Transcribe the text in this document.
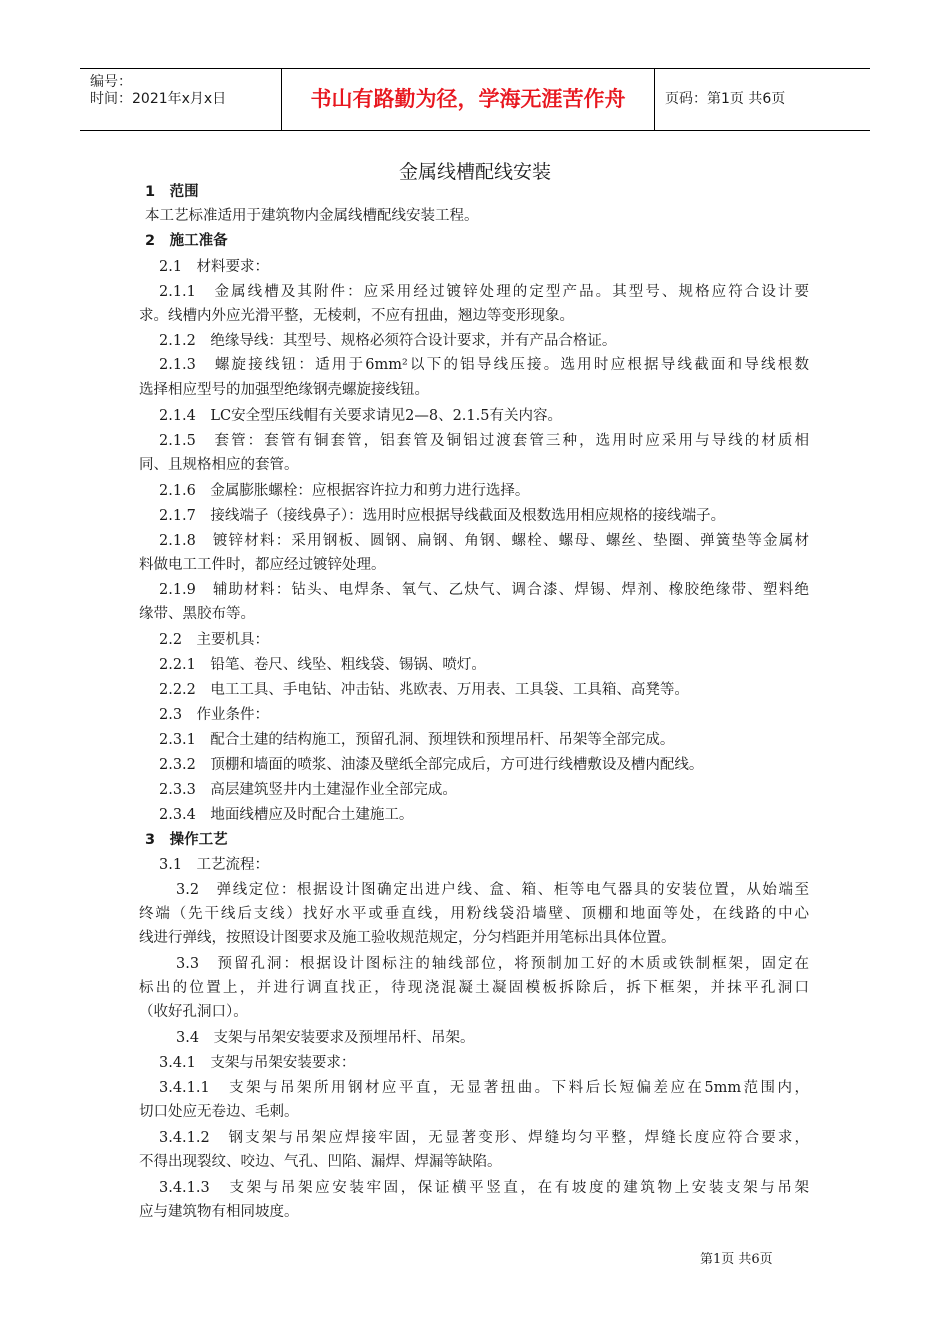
编号：
时间：2021年x月x日	书山有路勤为径，学海无涯苦作舟	页码：第1页 共6页
金属线槽配线安装
1　范围
本工艺标准适用于建筑物内金属线槽配线安装工程。
2　施工准备
2.1　材料要求：
2.1.1　金属线槽及其附件：应采用经过镀锌处理的定型产品。其型号、规格应符合设计要
求。线槽内外应光滑平整，无棱刺，不应有扭曲，翘边等变形现象。
2.1.2　绝缘导线：其型号、规格必须符合设计要求，并有产品合格证。
2.1.3　螺旋接线钮：适用于6mm²以下的铝导线压接。选用时应根据导线截面和导线根数
选择相应型号的加强型绝缘钢壳螺旋接线钮。
2.1.4　LC安全型压线帽有关要求请见2—8、2.1.5有关内容。
2.1.5　套管：套管有铜套管，铝套管及铜铝过渡套管三种，选用时应采用与导线的材质相
同、且规格相应的套管。
2.1.6　金属膨胀螺栓：应根据容许拉力和剪力进行选择。
2.1.7　接线端子（接线鼻子）：选用时应根据导线截面及根数选用相应规格的接线端子。
2.1.8　镀锌材料：采用钢板、圆钢、扁钢、角钢、螺栓、螺母、螺丝、垫圈、弹簧垫等金属材
料做电工工件时，都应经过镀锌处理。
2.1.9　辅助材料：钻头、电焊条、氧气、乙炔气、调合漆、焊锡、焊剂、橡胶绝缘带、塑料绝
缘带、黑胶布等。
2.2　主要机具：
2.2.1　铅笔、卷尺、线坠、粗线袋、锡锅、喷灯。
2.2.2　电工工具、手电钻、冲击钻、兆欧表、万用表、工具袋、工具箱、高凳等。
2.3　作业条件：
2.3.1　配合土建的结构施工，预留孔洞、预埋铁和预埋吊杆、吊架等全部完成。
2.3.2　顶棚和墙面的喷浆、油漆及壁纸全部完成后，方可进行线槽敷设及槽内配线。
2.3.3　高层建筑竖井内土建湿作业全部完成。
2.3.4　地面线槽应及时配合土建施工。
3　操作工艺
3.1　工艺流程：
3.2　弹线定位：根据设计图确定出进户线、盒、箱、柜等电气器具的安装位置，从始端至
终端（先干线后支线）找好水平或垂直线，用粉线袋沿墙壁、顶棚和地面等处，在线路的中心
线进行弹线，按照设计图要求及施工验收规范规定，分匀档距并用笔标出具体位置。
3.3　预留孔洞：根据设计图标注的轴线部位，将预制加工好的木质或铁制框架，固定在
标出的位置上，并进行调直找正，待现浇混凝土凝固模板拆除后，拆下框架，并抹平孔洞口
（收好孔洞口）。
3.4　支架与吊架安装要求及预埋吊杆、吊架。
3.4.1　支架与吊架安装要求：
3.4.1.1　支架与吊架所用钢材应平直，无显著扭曲。下料后长短偏差应在5mm范围内，
切口处应无卷边、毛刺。
3.4.1.2　钢支架与吊架应焊接牢固，无显著变形、焊缝均匀平整，焊缝长度应符合要求，
不得出现裂纹、咬边、气孔、凹陷、漏焊、焊漏等缺陷。
3.4.1.3　支架与吊架应安装牢固，保证横平竖直，在有坡度的建筑物上安装支架与吊架
应与建筑物有相同坡度。
第1页 共6页
